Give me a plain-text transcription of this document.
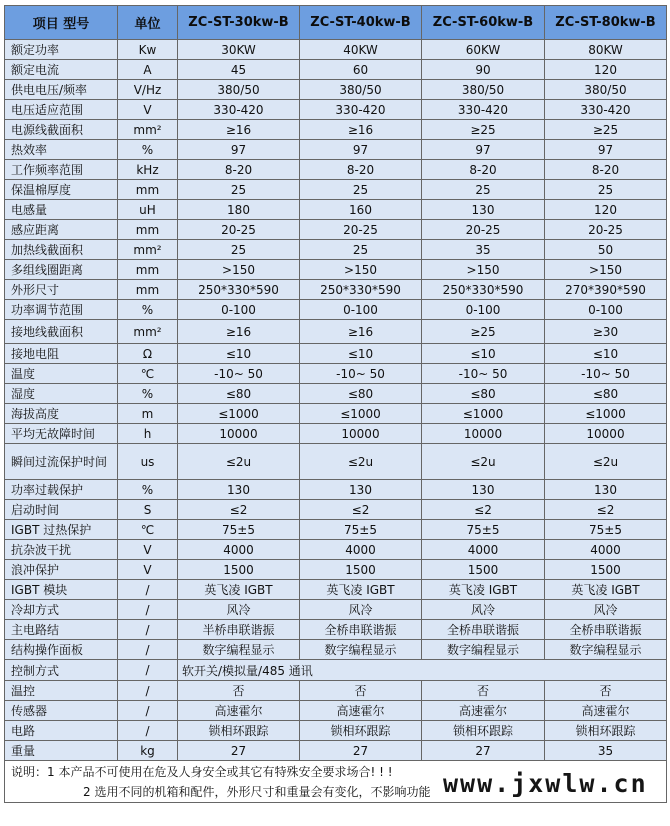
项目 型号	单位	ZC-ST-30kw-B	ZC-ST-40kw-B	ZC-ST-60kw-B	ZC-ST-80kw-B
额定功率	Kw	30KW	40KW	60KW	80KW
额定电流	A	45	60	90	120
供电电压/频率	V/Hz	380/50	380/50	380/50	380/50
电压适应范围	V	330-420	330-420	330-420	330-420
电源线截面积	mm²	≥16	≥16	≥25	≥25
热效率	%	97	97	97	97
工作频率范围	kHz	8-20	8-20	8-20	8-20
保温棉厚度	mm	25	25	25	25
电感量	uH	180	160	130	120
感应距离	mm	20-25	20-25	20-25	20-25
加热线截面积	mm²	25	25	35	50
多组线圈距离	mm	>150	>150	>150	>150
外形尺寸	mm	250*330*590	250*330*590	250*330*590	270*390*590
功率调节范围	%	0-100	0-100	0-100	0-100
接地线截面积	mm²	≥16	≥16	≥25	≥30
接地电阻	Ω	≤10	≤10	≤10	≤10
温度	℃	-10~ 50	-10~ 50	-10~ 50	-10~ 50
湿度	%	≤80	≤80	≤80	≤80
海拔高度	m	≤1000	≤1000	≤1000	≤1000
平均无故障时间	h	10000	10000	10000	10000
瞬间过流保护时间	us	≤2u	≤2u	≤2u	≤2u
功率过载保护	%	130	130	130	130
启动时间	S	≤2	≤2	≤2	≤2
IGBT 过热保护	℃	75±5	75±5	75±5	75±5
抗杂波干扰	V	4000	4000	4000	4000
浪冲保护	V	1500	1500	1500	1500
IGBT 模块	/	英飞凌 IGBT	英飞凌 IGBT	英飞凌 IGBT	英飞凌 IGBT
冷却方式	/	风冷	风冷	风冷	风冷
主电路结	/	半桥串联谐振	全桥串联谐振	全桥串联谐振	全桥串联谐振
结构操作面板	/	数字编程显示	数字编程显示	数字编程显示	数字编程显示
控制方式	/	软开关/模拟量/485 通讯			
温控	/	否	否	否	否
传感器	/	高速霍尔	高速霍尔	高速霍尔	高速霍尔
电路	/	锁相环跟踪	锁相环跟踪	锁相环跟踪	锁相环跟踪
重量	kg	27	27	27	35

说明：1 本产品不可使用在危及人身安全或其它有特殊安全要求场合! ! !
2 选用不同的机箱和配件，外形尺寸和重量会有变化，不影响功能					www.jxwlw.cn
